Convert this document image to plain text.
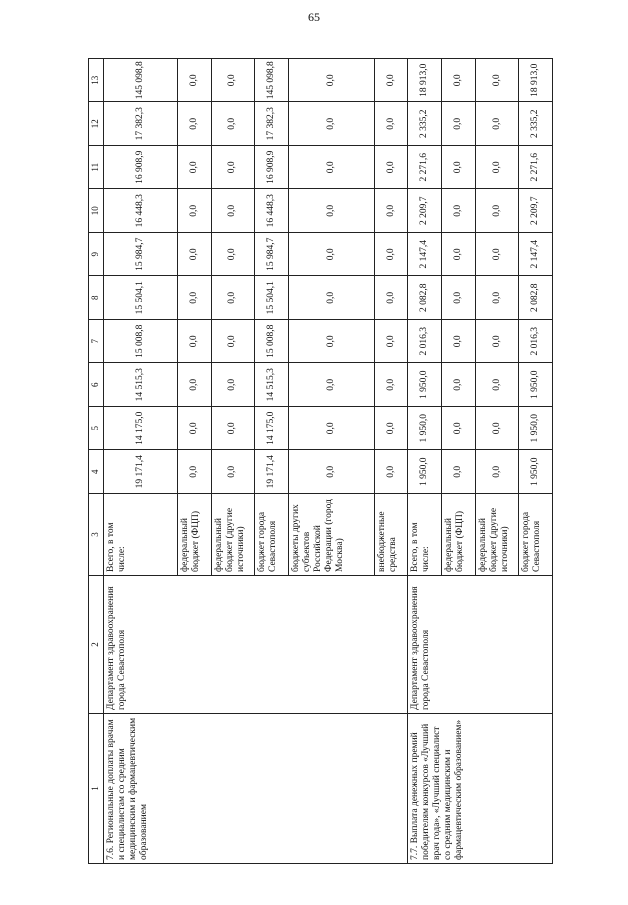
65
1	2	3	4	5	6	7	8	9	10	11	12	13
7.6. Региональные доплаты врачам и специалистам со средним медицинским и фармацевтическим образованием	Департамент здравоохранения города Севастополя	Всего, в том числе:	19 171,4	14 175,0	14 515,3	15 008,8	15 504,1	15 984,7	16 448,3	16 908,9	17 382,3	145 098,8
		федеральный бюджет (ФЦП)	0,0	0,0	0,0	0,0	0,0	0,0	0,0	0,0	0,0	0,0
		федеральный бюджет (другие источники)	0,0	0,0	0,0	0,0	0,0	0,0	0,0	0,0	0,0	0,0
		бюджет города Севастополя	19 171,4	14 175,0	14 515,3	15 008,8	15 504,1	15 984,7	16 448,3	16 908,9	17 382,3	145 098,8
		бюджеты других субъектов Российской Федерации (город Москва)	0,0	0,0	0,0	0,0	0,0	0,0	0,0	0,0	0,0	0,0
		внебюджетные средства	0,0	0,0	0,0	0,0	0,0	0,0	0,0	0,0	0,0	0,0
7.7. Выплата денежных премий победителям конкурсов «Лучший врач года», «Лучший специалист со средним медицинским и фармацевтическим образованием»	Департамент здравоохранения города Севастополя	Всего, в том числе:	1 950,0	1 950,0	1 950,0	2 016,3	2 082,8	2 147,4	2 209,7	2 271,6	2 335,2	18 913,0
		федеральный бюджет (ФЦП)	0,0	0,0	0,0	0,0	0,0	0,0	0,0	0,0	0,0	0,0
		федеральный бюджет (другие источники)	0,0	0,0	0,0	0,0	0,0	0,0	0,0	0,0	0,0	0,0
		бюджет города Севастополя	1 950,0	1 950,0	1 950,0	2 016,3	2 082,8	2 147,4	2 209,7	2 271,6	2 335,2	18 913,0
